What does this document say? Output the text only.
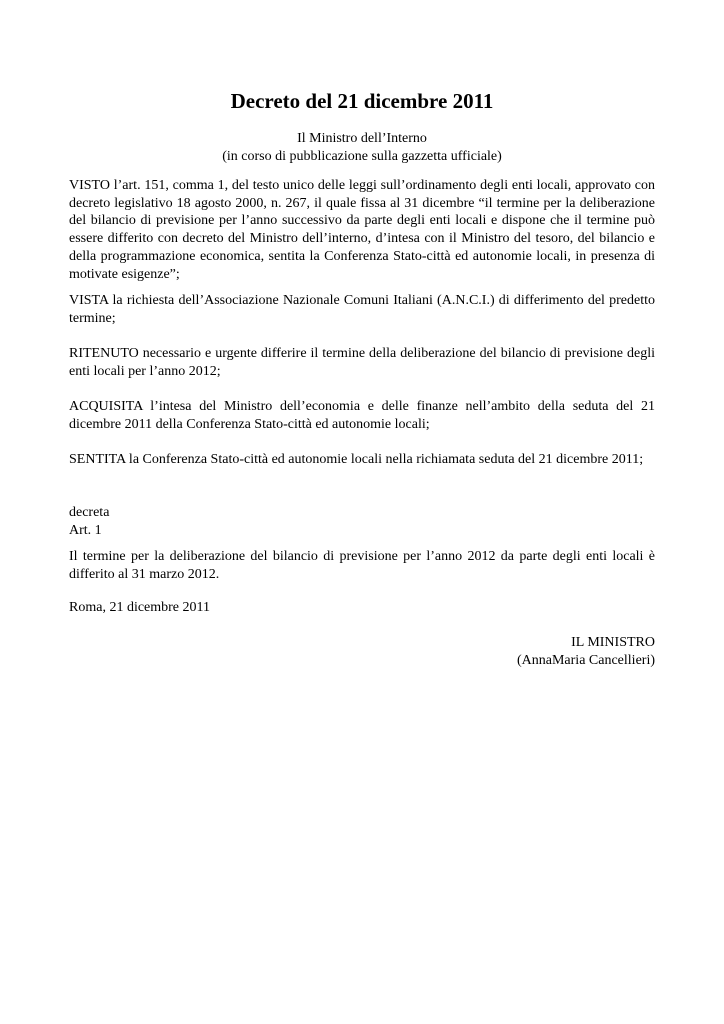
Decreto del 21 dicembre 2011
Il Ministro dell’Interno
(in corso di pubblicazione sulla gazzetta ufficiale)

VISTO l’art. 151, comma 1, del testo unico delle leggi sull’ordinamento degli enti locali, approvato con decreto legislativo 18 agosto 2000, n. 267, il quale fissa al 31 dicembre “il termine per la deliberazione del bilancio di previsione per l’anno successivo da parte degli enti locali e dispone che il termine può essere differito con decreto del Ministro dell’interno, d’intesa con il Ministro del tesoro, del bilancio e della programmazione economica, sentita la Conferenza Stato-città ed autonomie locali, in presenza di motivate esigenze”;

VISTA la richiesta dell’Associazione Nazionale Comuni Italiani (A.N.C.I.) di differimento del predetto termine;

RITENUTO necessario e urgente differire il termine della deliberazione del bilancio di previsione degli enti locali per l’anno 2012;

ACQUISITA l’intesa del Ministro dell’economia e delle finanze nell’ambito della seduta del 21 dicembre 2011 della Conferenza Stato-città ed autonomie locali;

SENTITA la Conferenza Stato-città ed autonomie locali nella richiamata seduta del 21 dicembre 2011;

decreta

Art. 1

Il termine per la deliberazione del bilancio di previsione per l’anno 2012 da parte degli enti locali è differito al 31 marzo 2012.

Roma, 21 dicembre 2011

IL MINISTRO
(AnnaMaria Cancellieri)
